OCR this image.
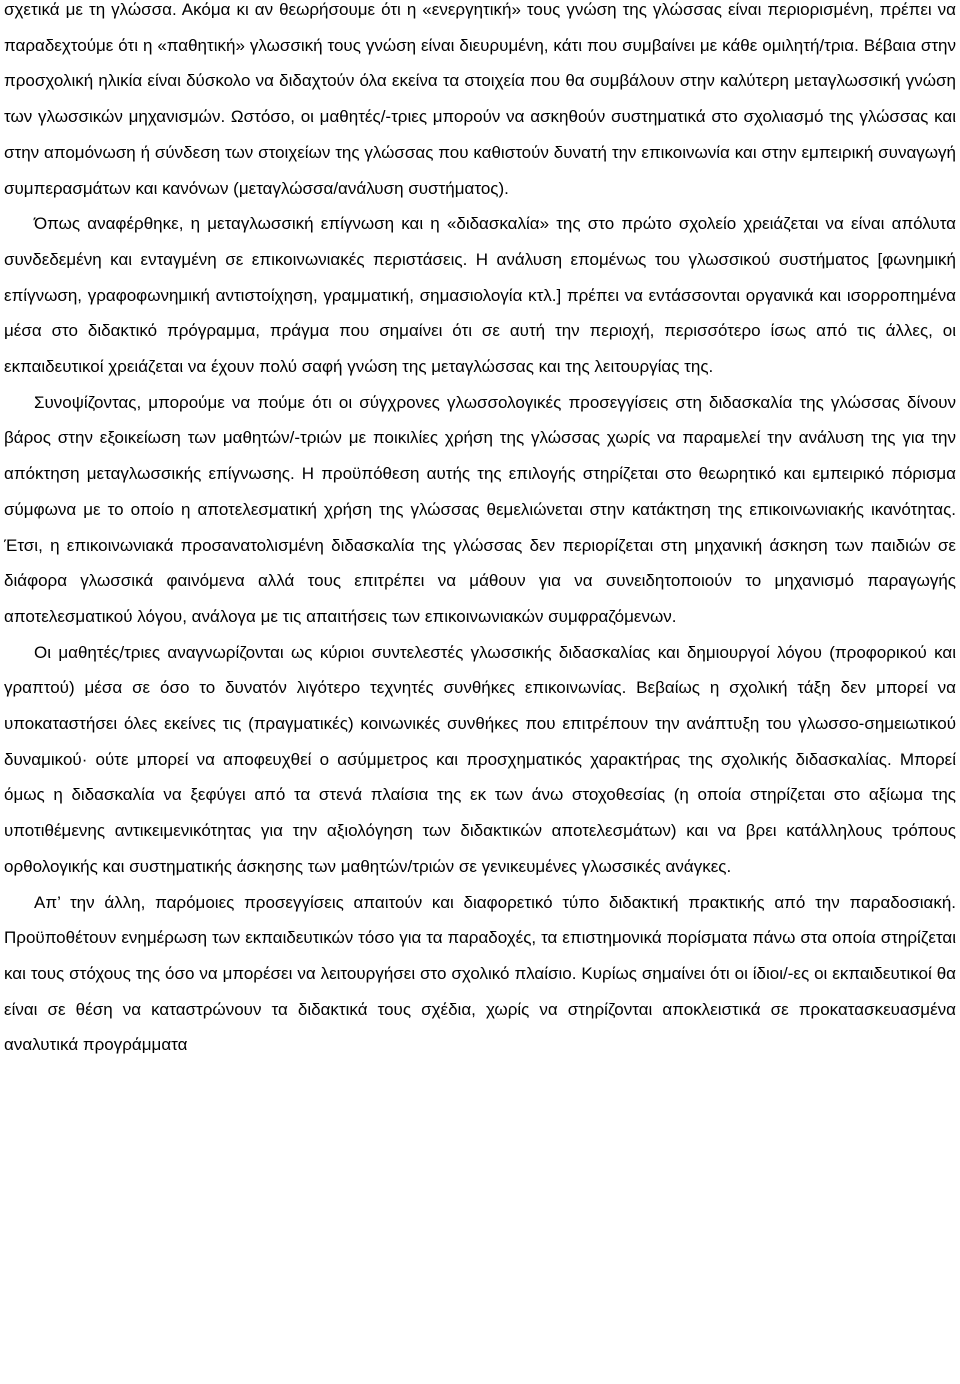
σχετικά με τη γλώσσα. Ακόμα κι αν θεωρήσουμε ότι η «ενεργητική» τους γνώση της γλώσσας είναι περιορισμένη, πρέπει να παραδεχτούμε ότι η «παθητική» γλωσσική τους γνώση είναι διευρυμένη, κάτι που συμβαίνει με κάθε ομιλητή/τρια. Βέβαια στην προσχολική ηλικία είναι δύσκολο να διδαχτούν όλα εκείνα τα στοιχεία που θα συμβάλουν στην καλύτερη μεταγλωσσική γνώση των γλωσσικών μηχανισμών. Ωστόσο, οι μαθητές/-τριες μπορούν να ασκηθούν συστηματικά στο σχολιασμό της γλώσσας και στην απομόνωση ή σύνδεση των στοιχείων της γλώσσας που καθιστούν δυνατή την επικοινωνία και στην εμπειρική συναγωγή συμπερασμάτων και κανόνων (μεταγλώσσα/ανάλυση συστήματος).

Όπως αναφέρθηκε, η μεταγλωσσική επίγνωση και η «διδασκαλία» της στο πρώτο σχολείο χρειάζεται να είναι απόλυτα συνδεδεμένη και ενταγμένη σε επικοινωνιακές περιστάσεις. Η ανάλυση επομένως του γλωσσικού συστήματος [φωνημική επίγνωση, γραφοφωνημική αντιστοίχηση, γραμματική, σημασιολογία κτλ.] πρέπει να εντάσσονται οργανικά και ισορροπημένα μέσα στο διδακτικό πρόγραμμα, πράγμα που σημαίνει ότι σε αυτή την περιοχή, περισσότερο ίσως από τις άλλες, οι εκπαιδευτικοί χρειάζεται να έχουν πολύ σαφή γνώση της μεταγλώσσας και της λειτουργίας της.

Συνοψίζοντας, μπορούμε να πούμε ότι οι σύγχρονες γλωσσολογικές προσεγγίσεις στη διδασκαλία της γλώσσας δίνουν βάρος στην εξοικείωση των μαθητών/-τριών με ποικιλίες χρήση της γλώσσας χωρίς να παραμελεί την ανάλυση της για την απόκτηση μεταγλωσσικής επίγνωσης. Η προϋπόθεση αυτής της επιλογής στηρίζεται στο θεωρητικό και εμπειρικό πόρισμα σύμφωνα με το οποίο η αποτελεσματική χρήση της γλώσσας θεμελιώνεται στην κατάκτηση της επικοινωνιακής ικανότητας. Έτσι, η επικοινωνιακά προσανατολισμένη διδασκαλία της γλώσσας δεν περιορίζεται στη μηχανική άσκηση των παιδιών σε διάφορα γλωσσικά φαινόμενα αλλά τους επιτρέπει να μάθουν για να συνειδητοποιούν το μηχανισμό παραγωγής αποτελεσματικού λόγου, ανάλογα με τις απαιτήσεις των επικοινωνιακών συμφραζόμενων.

Οι μαθητές/τριες αναγνωρίζονται ως κύριοι συντελεστές γλωσσικής διδασκαλίας και δημιουργοί λόγου (προφορικού και γραπτού) μέσα σε όσο το δυνατόν λιγότερο τεχνητές συνθήκες επικοινωνίας. Βεβαίως η σχολική τάξη δεν μπορεί να υποκαταστήσει όλες εκείνες τις (πραγματικές) κοινωνικές συνθήκες που επιτρέπουν την ανάπτυξη του γλωσσο-σημειωτικού δυναμικού· ούτε μπορεί να αποφευχθεί ο ασύμμετρος και προσχηματικός χαρακτήρας της σχολικής διδασκαλίας. Μπορεί όμως η διδασκαλία να ξεφύγει από τα στενά πλαίσια της εκ των άνω στοχοθεσίας (η οποία στηρίζεται στο αξίωμα της υποτιθέμενης αντικειμενικότητας για την αξιολόγηση των διδακτικών αποτελεσμάτων) και να βρει κατάλληλους τρόπους ορθολογικής και συστηματικής άσκησης των μαθητών/τριών σε γενικευμένες γλωσσικές ανάγκες.

Απ’ την άλλη, παρόμοιες προσεγγίσεις απαιτούν και διαφορετικό τύπο διδακτική πρακτικής από την παραδοσιακή. Προϋποθέτουν ενημέρωση των εκπαιδευτικών τόσο για τα παραδοχές, τα επιστημονικά πορίσματα πάνω στα οποία στηρίζεται και τους στόχους της όσο να μπορέσει να λειτουργήσει στο σχολικό πλαίσιο. Κυρίως σημαίνει ότι οι ίδιοι/-ες οι εκπαιδευτικοί θα είναι σε θέση να καταστρώνουν τα διδακτικά τους σχέδια, χωρίς να στηρίζονται αποκλειστικά σε προκατασκευασμένα αναλυτικά προγράμματα
